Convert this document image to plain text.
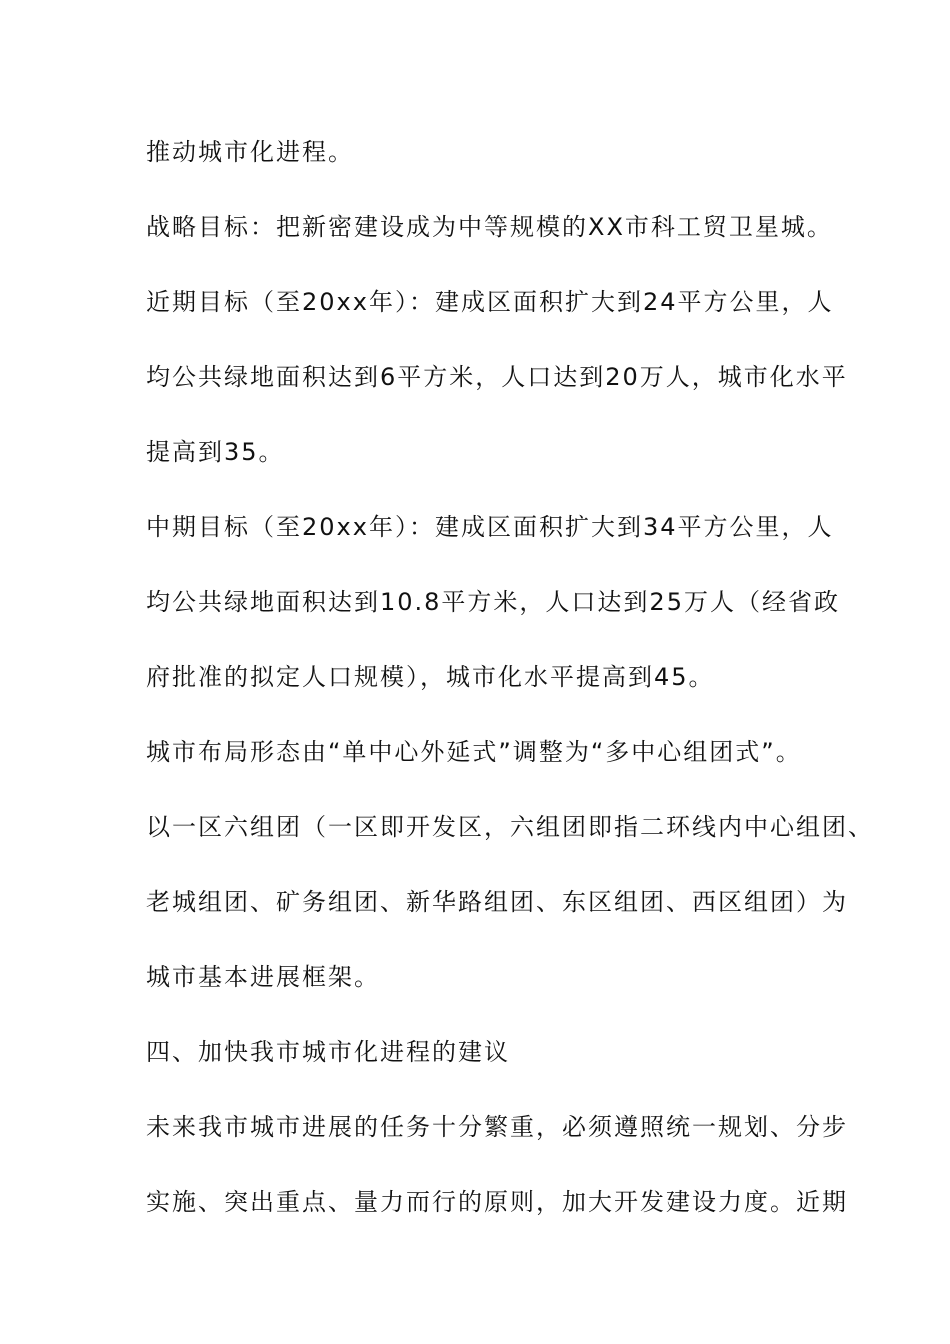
推动城市化进程。
战略目标：把新密建设成为中等规模的XX市科工贸卫星城。
近期目标（至20xx年）：建成区面积扩大到24平方公里，人
均公共绿地面积达到6平方米，人口达到20万人，城市化水平
提高到35。
中期目标（至20xx年）：建成区面积扩大到34平方公里，人
均公共绿地面积达到10.8平方米，人口达到25万人（经省政
府批准的拟定人口规模），城市化水平提高到45。
城市布局形态由“单中心外延式”调整为“多中心组团式”。
以一区六组团（一区即开发区，六组团即指二环线内中心组团、
老城组团、矿务组团、新华路组团、东区组团、西区组团）为
城市基本进展框架。
四、加快我市城市化进程的建议
未来我市城市进展的任务十分繁重，必须遵照统一规划、分步
实施、突出重点、量力而行的原则，加大开发建设力度。近期
